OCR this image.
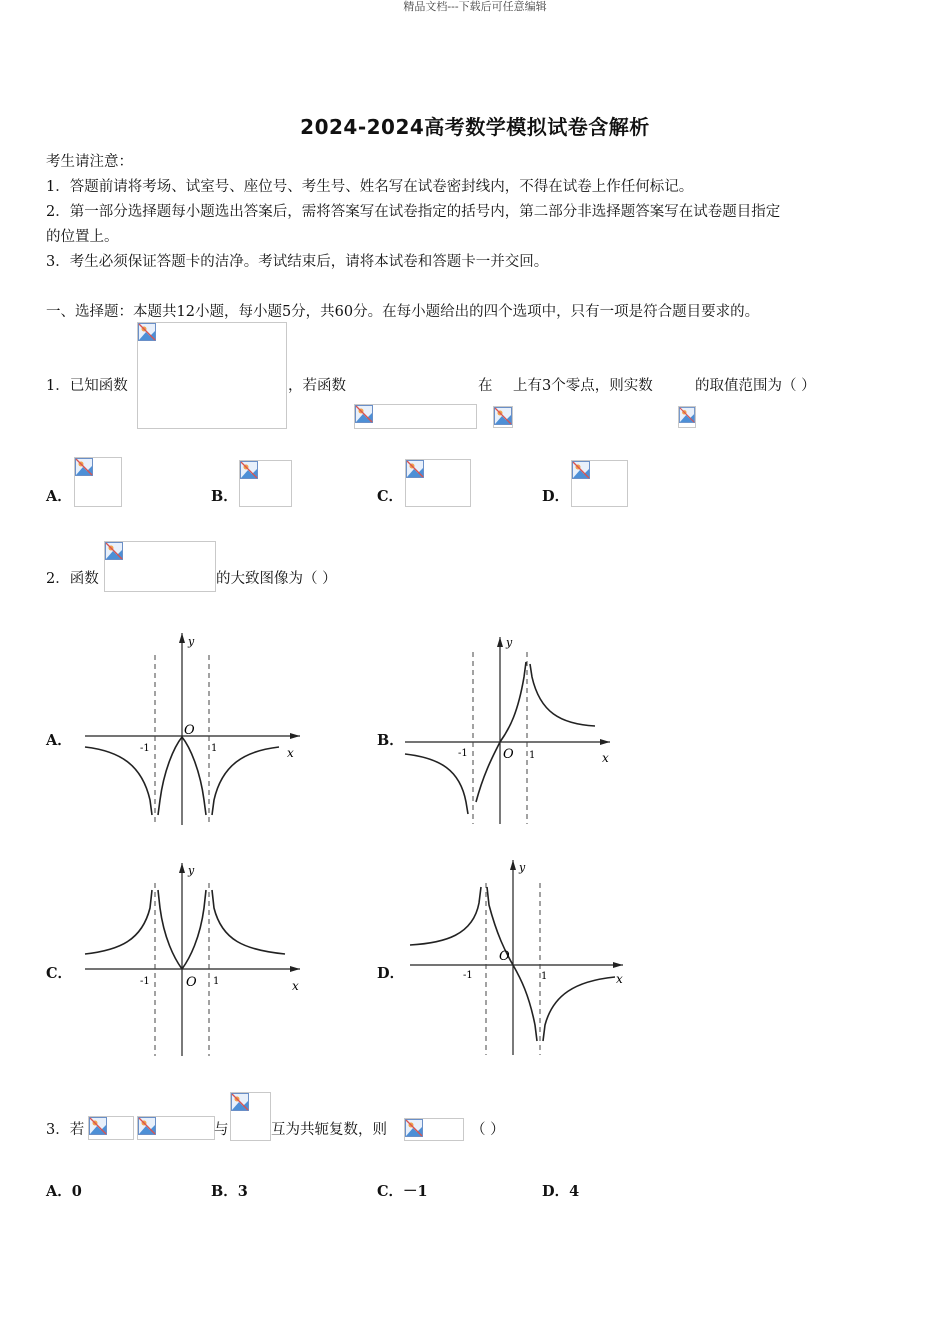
精品文档---下载后可任意编辑
2024-2024高考数学模拟试卷含解析
考生请注意：
1．答题前请将考场、试室号、座位号、考生号、姓名写在试卷密封线内，不得在试卷上作任何标记。
2．第一部分选择题每小题选出答案后，需将答案写在试卷指定的括号内，第二部分非选择题答案写在试卷题目指定
的位置上。
3．考生必须保证答题卡的洁净。考试结束后，请将本试卷和答题卡一并交回。
一、选择题：本题共12小题，每小题5分，共60分。在每小题给出的四个选项中，只有一项是符合题目要求的。
1．已知函数	，若函数	在 上有3个零点，则实数	的取值范围为（ ）
A．	B．	C．	D．
2．函数	的大致图像为（ ）
A．
y
x
O
-1	1	B．
y
x
O
-1	1
C．
y
x
O
-1	1	D．
y
x
O
-1	1
3．若	与	互为共轭复数，则	（ ）
A．0	B．3	C．－1	D．4
